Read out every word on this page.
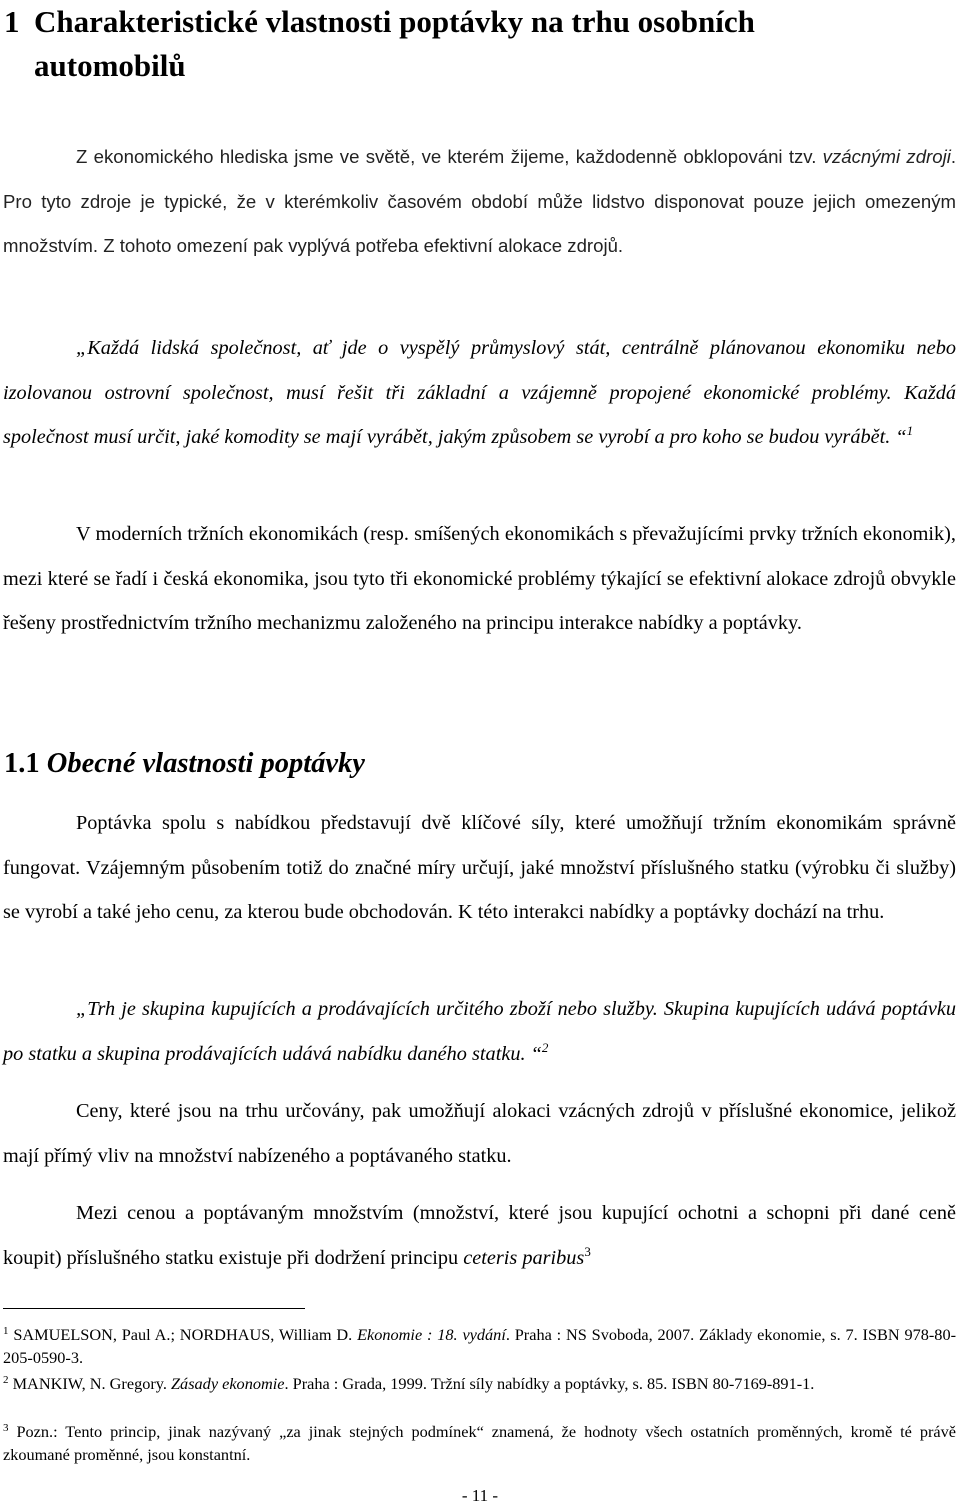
1 Charakteristické vlastnosti poptávky na trhu osobních
automobilů

Z ekonomického hlediska jsme ve světě, ve kterém žijeme, každodenně obklopováni tzv. vzácnými zdroji. Pro tyto zdroje je typické, že v kterémkoliv časovém období může lidstvo disponovat pouze jejich omezeným množstvím. Z tohoto omezení pak vyplývá potřeba efektivní alokace zdrojů.

„Každá lidská společnost, ať jde o vyspělý průmyslový stát, centrálně plánovanou ekonomiku nebo izolovanou ostrovní společnost, musí řešit tři základní a vzájemně propojené ekonomické problémy. Každá společnost musí určit, jaké komodity se mají vyrábět, jakým způsobem se vyrobí a pro koho se budou vyrábět. “$^1$

V moderních tržních ekonomikách (resp. smíšených ekonomikách s převažujícími prvky tržních ekonomik), mezi které se řadí i česká ekonomika, jsou tyto tři ekonomické problémy týkající se efektivní alokace zdrojů obvykle řešeny prostřednictvím tržního mechanizmu založeného na principu interakce nabídky a poptávky.

1.1 Obecné vlastnosti poptávky

Poptávka spolu s nabídkou představují dvě klíčové síly, které umožňují tržním ekonomikám správně fungovat. Vzájemným působením totiž do značné míry určují, jaké množství příslušného statku (výrobku či služby) se vyrobí a také jeho cenu, za kterou bude obchodován. K této interakci nabídky a poptávky dochází na trhu.

„Trh je skupina kupujících a prodávajících určitého zboží nebo služby. Skupina kupujících udává poptávku po statku a skupina prodávajících udává nabídku daného statku. “$^2$

Ceny, které jsou na trhu určovány, pak umožňují alokaci vzácných zdrojů v příslušné ekonomice, jelikož mají přímý vliv na množství nabízeného a poptávaného statku.

Mezi cenou a poptávaným množstvím (množství, které jsou kupující ochotni a schopni při dané ceně koupit) příslušného statku existuje při dodržení principu ceteris paribus$^3$

$^1$ SAMUELSON, Paul A.; NORDHAUS, William D. Ekonomie : 18. vydání. Praha : NS Svoboda, 2007. Základy ekonomie, s. 7. ISBN 978-80-205-0590-3.

$^2$ MANKIW, N. Gregory. Zásady ekonomie. Praha : Grada, 1999. Tržní síly nabídky a poptávky, s. 85. ISBN 80-7169-891-1.

$^3$ Pozn.: Tento princip, jinak nazývaný „za jinak stejných podmínek“ znamená, že hodnoty všech ostatních proměnných, kromě té právě zkoumané proměnné, jsou konstantní.

- 11 -
